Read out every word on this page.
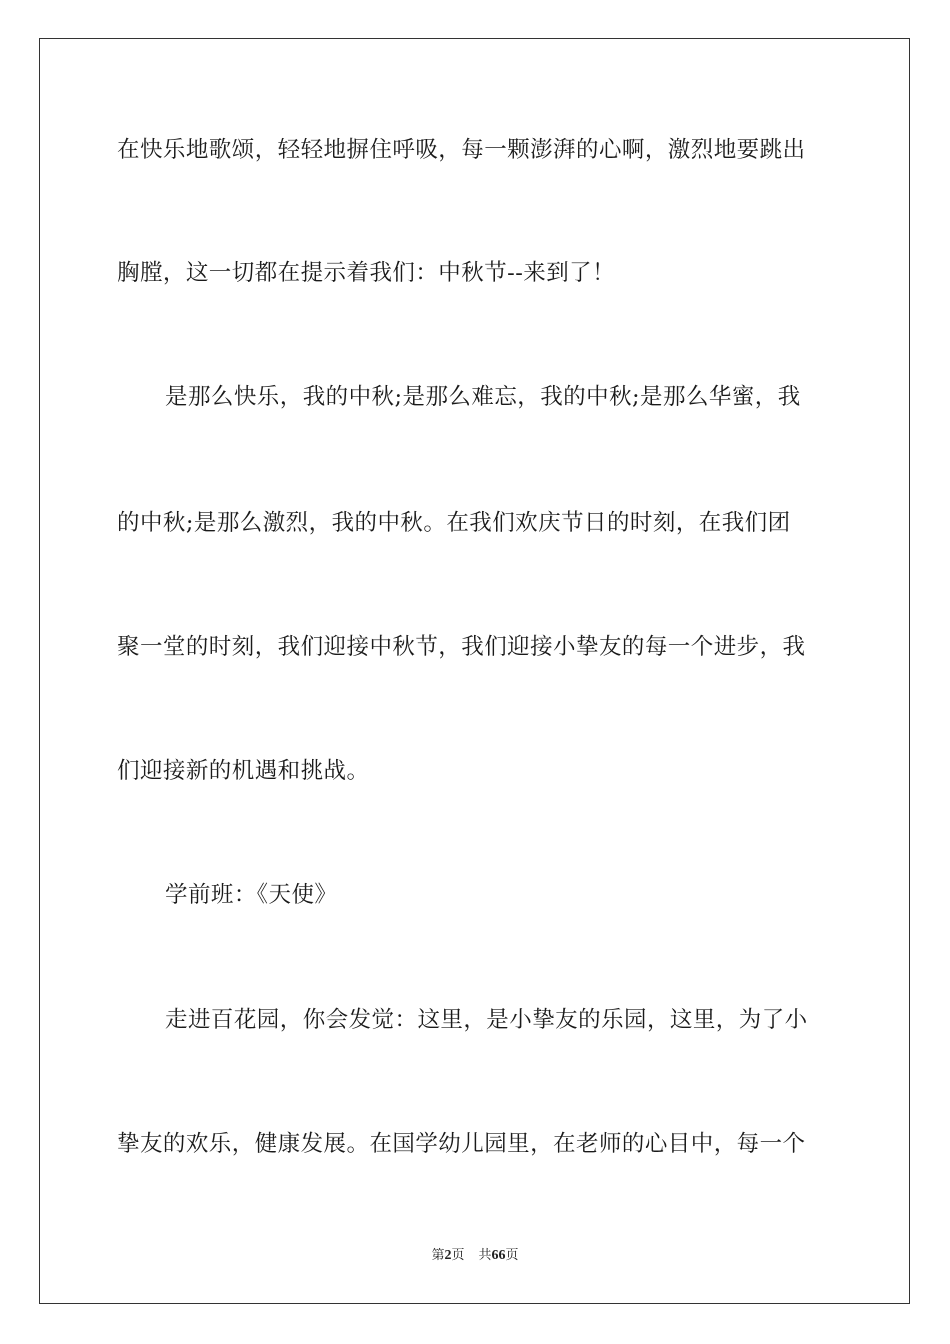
在快乐地歌颂，轻轻地摒住呼吸，每一颗澎湃的心啊，激烈地要跳出
胸膛，这一切都在提示着我们：中秋节--来到了！
是那么快乐，我的中秋;是那么难忘，我的中秋;是那么华蜜，我
的中秋;是那么激烈，我的中秋。在我们欢庆节日的时刻，在我们团
聚一堂的时刻，我们迎接中秋节，我们迎接小挚友的每一个进步，我
们迎接新的机遇和挑战。
学前班：《天使》
走进百花园，你会发觉：这里，是小挚友的乐园，这里，为了小
挚友的欢乐，健康发展。在国学幼儿园里，在老师的心目中，每一个
第2页 共66页
